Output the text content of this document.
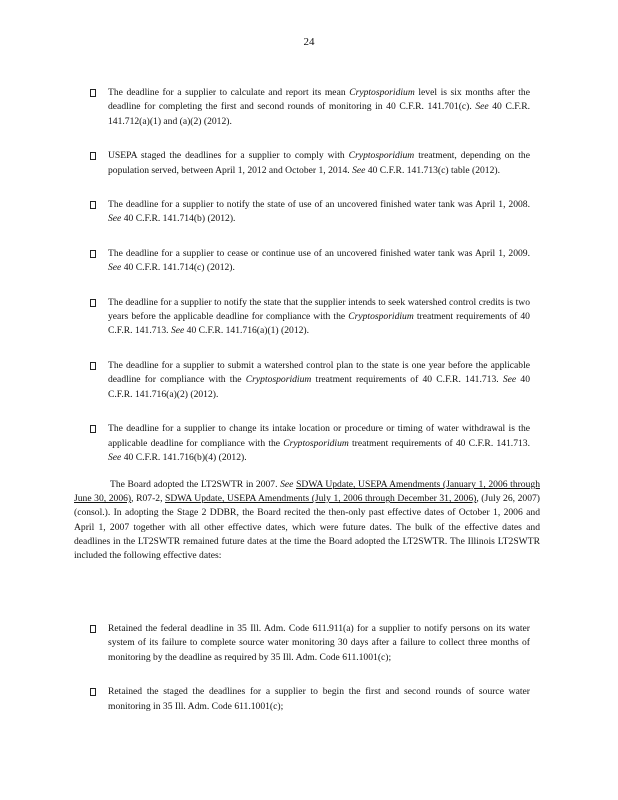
24
The deadline for a supplier to calculate and report its mean Cryptosporidium level is six months after the deadline for completing the first and second rounds of monitoring in 40 C.F.R. 141.701(c). See 40 C.F.R. 141.712(a)(1) and (a)(2) (2012).
USEPA staged the deadlines for a supplier to comply with Cryptosporidium treatment, depending on the population served, between April 1, 2012 and October 1, 2014. See 40 C.F.R. 141.713(c) table (2012).
The deadline for a supplier to notify the state of use of an uncovered finished water tank was April 1, 2008. See 40 C.F.R. 141.714(b) (2012).
The deadline for a supplier to cease or continue use of an uncovered finished water tank was April 1, 2009. See 40 C.F.R. 141.714(c) (2012).
The deadline for a supplier to notify the state that the supplier intends to seek watershed control credits is two years before the applicable deadline for compliance with the Cryptosporidium treatment requirements of 40 C.F.R. 141.713. See 40 C.F.R. 141.716(a)(1) (2012).
The deadline for a supplier to submit a watershed control plan to the state is one year before the applicable deadline for compliance with the Cryptosporidium treatment requirements of 40 C.F.R. 141.713. See 40 C.F.R. 141.716(a)(2) (2012).
The deadline for a supplier to change its intake location or procedure or timing of water withdrawal is the applicable deadline for compliance with the Cryptosporidium treatment requirements of 40 C.F.R. 141.713. See 40 C.F.R. 141.716(b)(4) (2012).

The Board adopted the LT2SWTR in 2007. See SDWA Update, USEPA Amendments (January 1, 2006 through June 30, 2006), R07-2, SDWA Update, USEPA Amendments (July 1, 2006 through December 31, 2006), (July 26, 2007) (consol.). In adopting the Stage 2 DDBR, the Board recited the then-only past effective dates of October 1, 2006 and April 1, 2007 together with all other effective dates, which were future dates. The bulk of the effective dates and deadlines in the LT2SWTR remained future dates at the time the Board adopted the LT2SWTR. The Illinois LT2SWTR included the following effective dates:

Retained the federal deadline in 35 Ill. Adm. Code 611.911(a) for a supplier to notify persons on its water system of its failure to complete source water monitoring 30 days after a failure to collect three months of monitoring by the deadline as required by 35 Ill. Adm. Code 611.1001(c);
Retained the staged the deadlines for a supplier to begin the first and second rounds of source water monitoring in 35 Ill. Adm. Code 611.1001(c);
